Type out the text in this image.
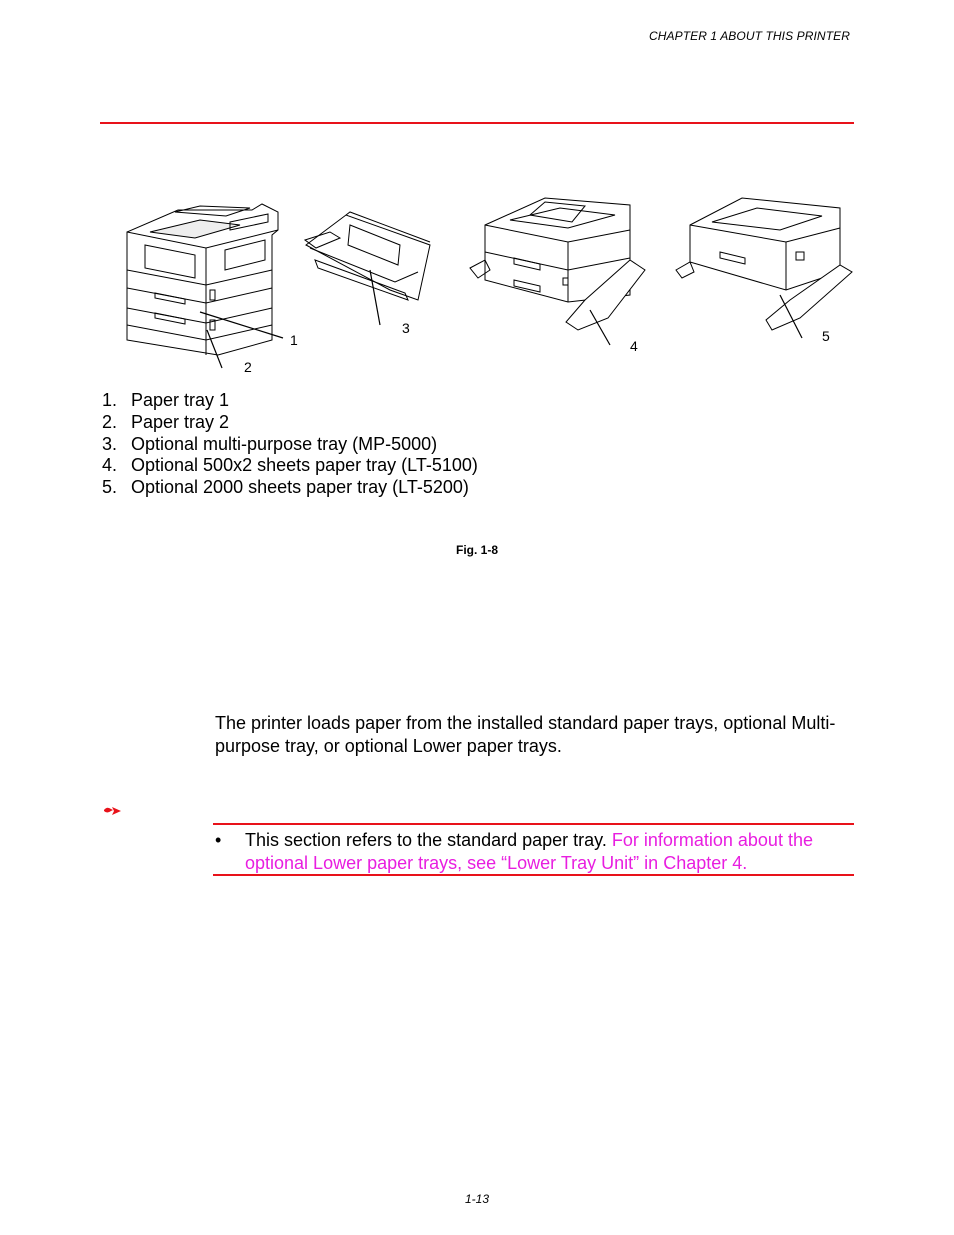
CHAPTER 1 ABOUT THIS PRINTER
1
2
3
4
5
1. Paper tray 1
2. Paper tray 2
3. Optional multi-purpose tray (MP-5000)
4. Optional 500x2 sheets paper tray (LT-5100)
5. Optional 2000 sheets paper tray (LT-5200)
Fig. 1-8

The printer loads paper from the installed standard paper trays, optional Multi-purpose tray, or optional Lower paper trays.

•	This section refers to the standard paper tray. For information about the optional Lower paper trays, see “Lower Tray Unit” in Chapter 4.
1-13
